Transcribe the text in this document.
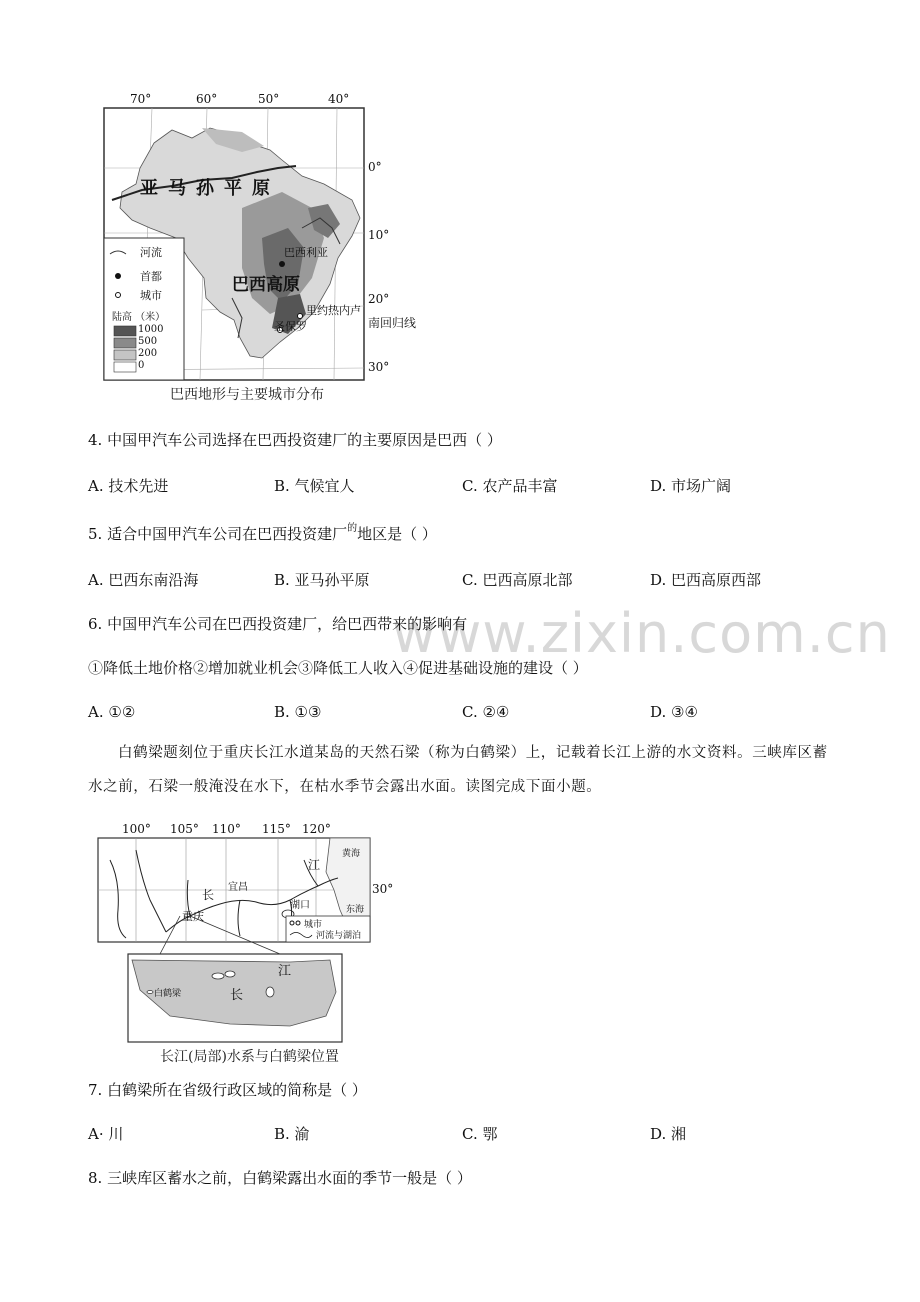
70°	60°	50°	40°
0°
10°
20°
30°
亚马孙平原
巴西高原
巴西利亚
里约热内卢
圣保罗	南回归线
河流
首都
城市
陆高 （米）
1000
500
200
0
巴西地形与主要城市分布
4. 中国甲汽车公司选择在巴西投资建厂的主要原因是巴西（ ）
A. 技术先进	B. 气候宜人	C. 农产品丰富	D. 市场广阔
5. 适合中国甲汽车公司在巴西投资建厂$^的$地区是（ ）
A. 巴西东南沿海	B. 亚马孙平原	C. 巴西高原北部	D. 巴西高原西部
www.zixin.com.cn
6. 中国甲汽车公司在巴西投资建厂，给巴西带来的影响有
①降低土地价格②增加就业机会③降低工人收入④促进基础设施的建设（ ）
A. ①②	B. ①③	C. ②④	D. ③④
白鹤梁题刻位于重庆长江水道某岛的天然石梁（称为白鹤梁）上，记载着长江上游的水文资料。三峡库区蓄水之前，石梁一般淹没在水下，在枯水季节会露出水面。读图完成下面小题。
100° 105° 110° 115° 120°
30°
黄海
东海
宜昌
湖口
重庆
长
江
城市
河流与湖泊
白鹤梁
江
长
长江(局部)水系与白鹤梁位置
7. 白鹤梁所在省级行政区域的简称是（ ）
A· 川	B. 渝	C. 鄂	D. 湘
8. 三峡库区蓄水之前，白鹤梁露出水面的季节一般是（ ）
